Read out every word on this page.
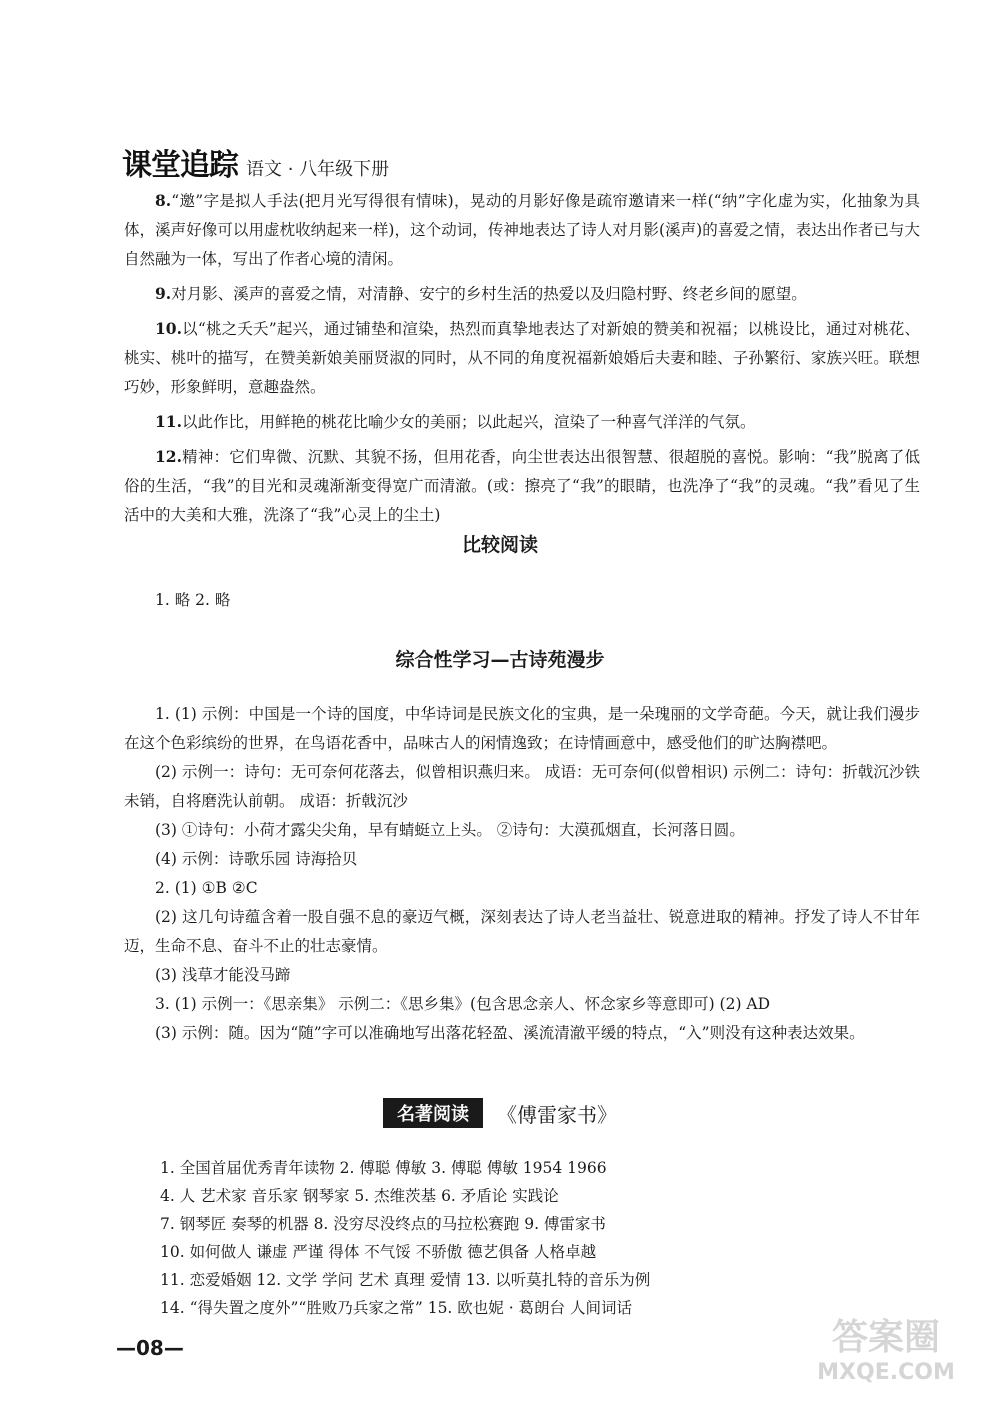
课堂追踪 语文 · 八年级下册

8.“邀”字是拟人手法(把月光写得很有情味)，晃动的月影好像是疏帘邀请来一样(“纳”字化虚为实，化抽象为具体，溪声好像可以用虚枕收纳起来一样)，这个动词，传神地表达了诗人对月影(溪声)的喜爱之情，表达出作者已与大自然融为一体，写出了作者心境的清闲。

9.对月影、溪声的喜爱之情，对清静、安宁的乡村生活的热爱以及归隐村野、终老乡间的愿望。

10.以“桃之夭夭”起兴，通过铺垫和渲染，热烈而真挚地表达了对新娘的赞美和祝福；以桃设比，通过对桃花、桃实、桃叶的描写，在赞美新娘美丽贤淑的同时，从不同的角度祝福新娘婚后夫妻和睦、子孙繁衍、家族兴旺。联想巧妙，形象鲜明，意趣盎然。

11.以此作比，用鲜艳的桃花比喻少女的美丽；以此起兴，渲染了一种喜气洋洋的气氛。

12.精神：它们卑微、沉默、其貌不扬，但用花香，向尘世表达出很智慧、很超脱的喜悦。影响：“我”脱离了低俗的生活，“我”的目光和灵魂渐渐变得宽广而清澈。(或：擦亮了“我”的眼睛，也洗净了“我”的灵魂。“我”看见了生活中的大美和大雅，洗涤了“我”心灵上的尘土)

比较阅读

1. 略 2. 略

综合性学习—古诗苑漫步

1. (1) 示例：中国是一个诗的国度，中华诗词是民族文化的宝典，是一朵瑰丽的文学奇葩。今天，就让我们漫步在这个色彩缤纷的世界，在鸟语花香中，品味古人的闲情逸致；在诗情画意中，感受他们的旷达胸襟吧。

(2) 示例一：诗句：无可奈何花落去，似曾相识燕归来。 成语：无可奈何(似曾相识) 示例二：诗句：折戟沉沙铁未销，自将磨洗认前朝。 成语：折戟沉沙

(3) ①诗句：小荷才露尖尖角，早有蜻蜓立上头。 ②诗句：大漠孤烟直，长河落日圆。

(4) 示例：诗歌乐园 诗海拾贝

2. (1) ①B ②C

(2) 这几句诗蕴含着一股自强不息的豪迈气概，深刻表达了诗人老当益壮、锐意进取的精神。抒发了诗人不甘年迈，生命不息、奋斗不止的壮志豪情。

(3) 浅草才能没马蹄

3. (1) 示例一：《思亲集》 示例二：《思乡集》(包含思念亲人、怀念家乡等意即可) (2) AD

(3) 示例：随。因为“随”字可以准确地写出落花轻盈、溪流清澈平缓的特点，“入”则没有这种表达效果。

名著阅读	《傅雷家书》

1. 全国首届优秀青年读物 2. 傅聪 傅敏 3. 傅聪 傅敏 1954 1966

4. 人 艺术家 音乐家 钢琴家 5. 杰维茨基 6. 矛盾论 实践论

7. 钢琴匠 奏琴的机器 8. 没穷尽没终点的马拉松赛跑 9. 傅雷家书

10. 如何做人 谦虚 严谨 得体 不气馁 不骄傲 德艺俱备 人格卓越

11. 恋爱婚姻 12. 文学 学问 艺术 真理 爱情 13. 以听莫扎特的音乐为例

14. “得失置之度外”“胜败乃兵家之常” 15. 欧也妮 · 葛朗台 人间词话

—08—	答案圈
MXQE.COM
